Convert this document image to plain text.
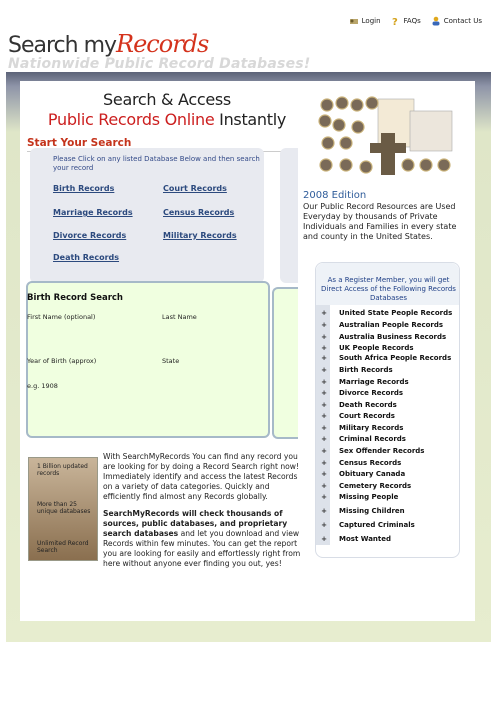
Login ? FAQs	Contact Us
Search myRecords
Nationwide Public Record Databases!
Search & Access
Public Records Online Instantly
Please Click on any listed Database Below and then search your record
Start Your Search
Birth Records	Court Records
Marriage Records	Census Records
Divorce Records	Military Records
Death Records
2008 Edition
Our Public Record Resources are Used Everyday by thousands of Private Individuals and Families in every state and county in the United States.
As a Register Member, you will get Direct Access of the Following Records Databases
+ United State People Records
+ Australian People Records
+ Australia Business Records
+ UK People Records
+ South Africa People Records
+ Birth Records
+ Marriage Records
+ Divorce Records
+ Death Records
+ Court Records
+ Military Records
+ Criminal Records
+ Sex Offender Records
+ Census Records
+ Obituary Canada
+ Cemetery Records
+ Missing People
+ Missing Children
+ Captured Criminals
+ Most Wanted
Birth Record Search
First Name (optional)	Last Name
Year of Birth (approx)	State
e.g. 1908
1 Billion updated records
More than 25 unique databases
Unlimited Record Search
With SearchMyRecords You can find any record you are looking for by doing a Record Search right now! Immediately identify and access the latest Records on a variety of data categories. Quickly and efficiently find almost any Records globally.
SearchMyRecords will check thousands of sources, public databases, and proprietary search databases and let you download and view Records within few minutes. You can get the report you are looking for easily and effortlessly right from here without anyone ever finding you out, yes!
